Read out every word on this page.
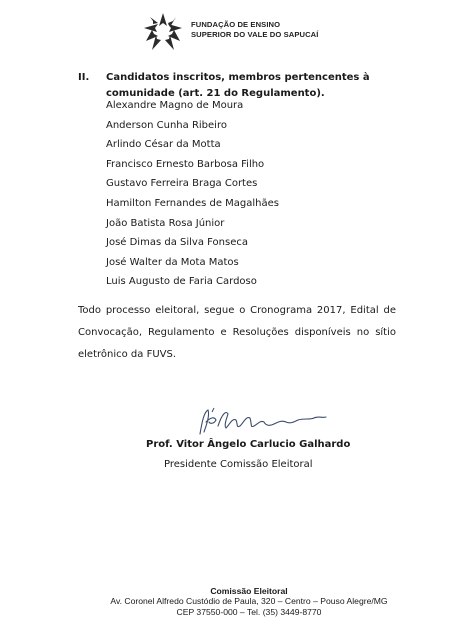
FUNDAÇÃO DE ENSINO
SUPERIOR DO VALE DO SAPUCAÍ
II. Candidatos inscritos, membros pertencentes à comunidade (art. 21 do Regulamento).
Alexandre Magno de Moura
Anderson Cunha Ribeiro
Arlindo César da Motta
Francisco Ernesto Barbosa Filho
Gustavo Ferreira Braga Cortes
Hamilton Fernandes de Magalhães
João Batista Rosa Júnior
José Dimas da Silva Fonseca
José Walter da Mota Matos
Luis Augusto de Faria Cardoso

Todo processo eleitoral, segue o Cronograma 2017, Edital de Convocação, Regulamento e Resoluções disponíveis no sítio eletrônico da FUVS.

Prof. Vitor Ângelo Carlucio Galhardo
Presidente Comissão Eleitoral
Comissão Eleitoral
Av. Coronel Alfredo Custódio de Paula, 320 – Centro – Pouso Alegre/MG
CEP 37550-000 – Tel. (35) 3449-8770
